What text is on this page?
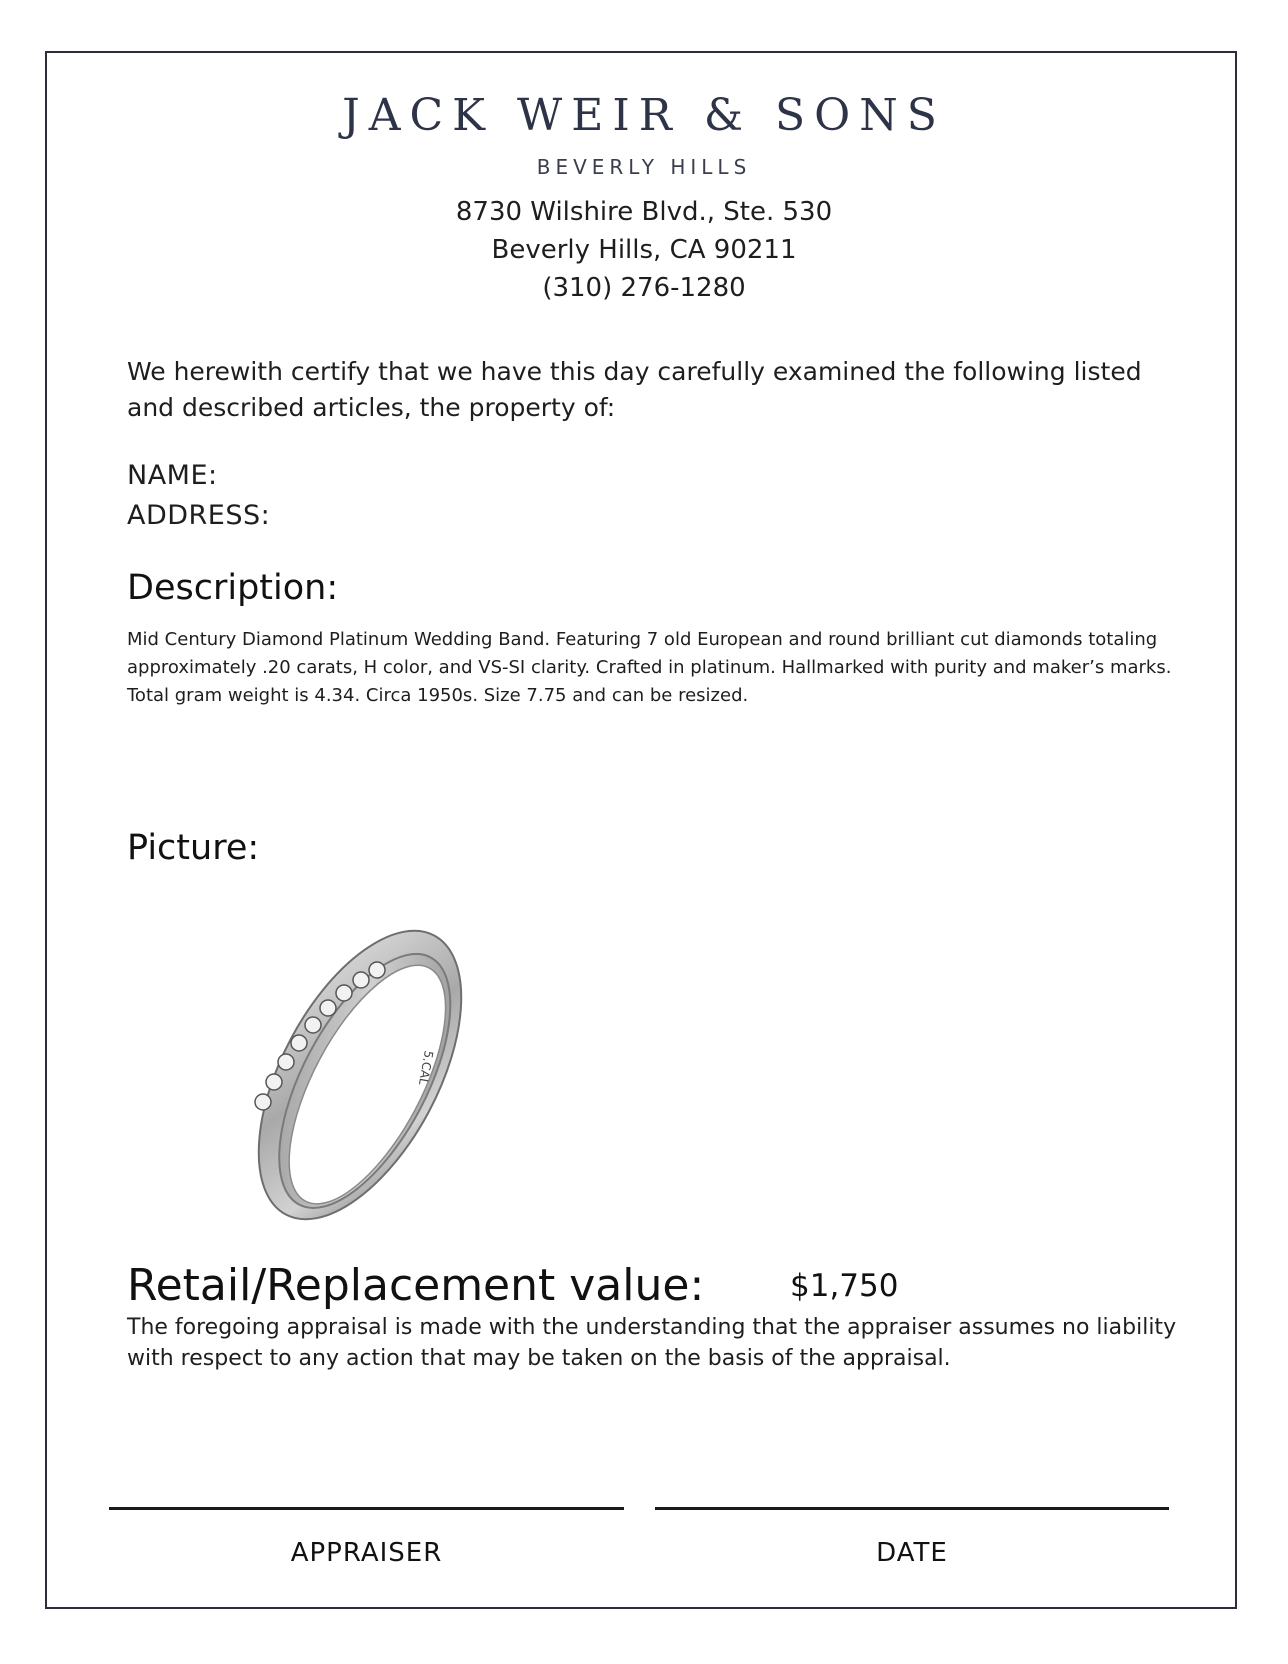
JACK WEIR & SONS
BEVERLY HILLS
8730 Wilshire Blvd., Ste. 530
Beverly Hills, CA 90211
(310) 276-1280
We herewith certify that we have this day carefully examined the following listed and described articles, the property of:
NAME:
ADDRESS:
Description:
Mid Century Diamond Platinum Wedding Band. Featuring 7 old European and round brilliant cut diamonds totaling approximately .20 carats, H color, and VS-SI clarity. Crafted in platinum. Hallmarked with purity and maker’s marks. Total gram weight is 4.34. Circa 1950s. Size 7.75 and can be resized.
Picture:
5.CAL
Retail/Replacement value:	$1,750
The foregoing appraisal is made with the understanding that the appraiser assumes no liability with respect to any action that may be taken on the basis of the appraisal.
APPRAISER	DATE
